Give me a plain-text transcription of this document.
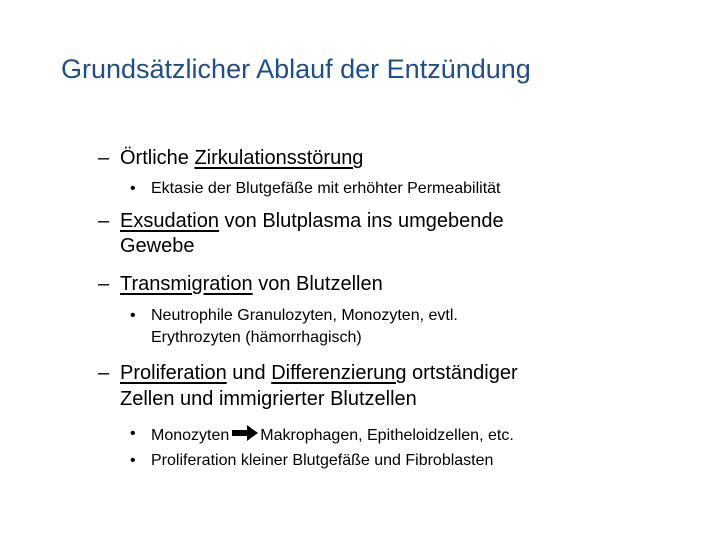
Grundsätzlicher Ablauf der Entzündung
– Örtliche Zirkulationsstörung
• Ektasie der Blutgefäße mit erhöhter Permeabilität
– Exsudation von Blutplasma ins umgebende
Gewebe
– Transmigration von Blutzellen
• Neutrophile Granulozyten, Monozyten, evtl.
Erythrozyten (hämorrhagisch)
– Proliferation und Differenzierung ortständiger
Zellen und immigrierter Blutzellen
• Monozyten Makrophagen, Epitheloidzellen, etc.
• Proliferation kleiner Blutgefäße und Fibroblasten
